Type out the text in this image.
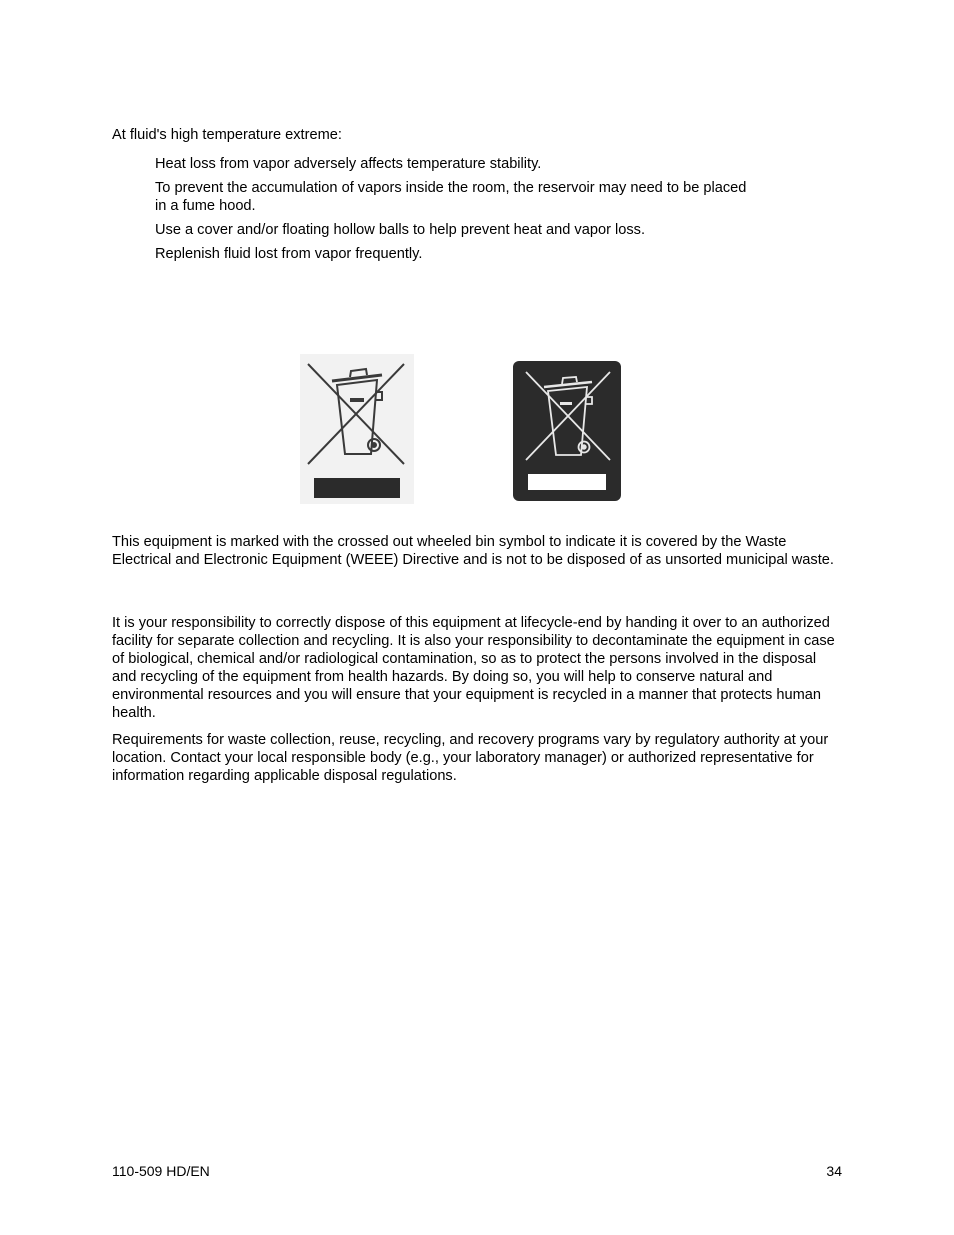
At fluid's high temperature extreme:

Heat loss from vapor adversely affects temperature stability.
To prevent the accumulation of vapors inside the room, the reservoir may need to be placed in a fume hood.
Use a cover and/or floating hollow balls to help prevent heat and vapor loss.
Replenish fluid lost from vapor frequently.

This equipment is marked with the crossed out wheeled bin symbol to indicate it is covered by the Waste Electrical and Electronic Equipment (WEEE) Directive and is not to be disposed of as unsorted municipal waste.

It is your responsibility to correctly dispose of this equipment at lifecycle-end by handing it over to an authorized facility for separate collection and recycling. It is also your responsibility to decontaminate the equipment in case of biological, chemical and/or radiological contamination, so as to protect the persons involved in the disposal and recycling of the equipment from health hazards. By doing so, you will help to conserve natural and environmental resources and you will ensure that your equipment is recycled in a manner that protects human health.

Requirements for waste collection, reuse, recycling, and recovery programs vary by regulatory authority at your location. Contact your local responsible body (e.g., your laboratory manager) or authorized representative for information regarding applicable disposal regulations.

110-509 HD/EN	34
